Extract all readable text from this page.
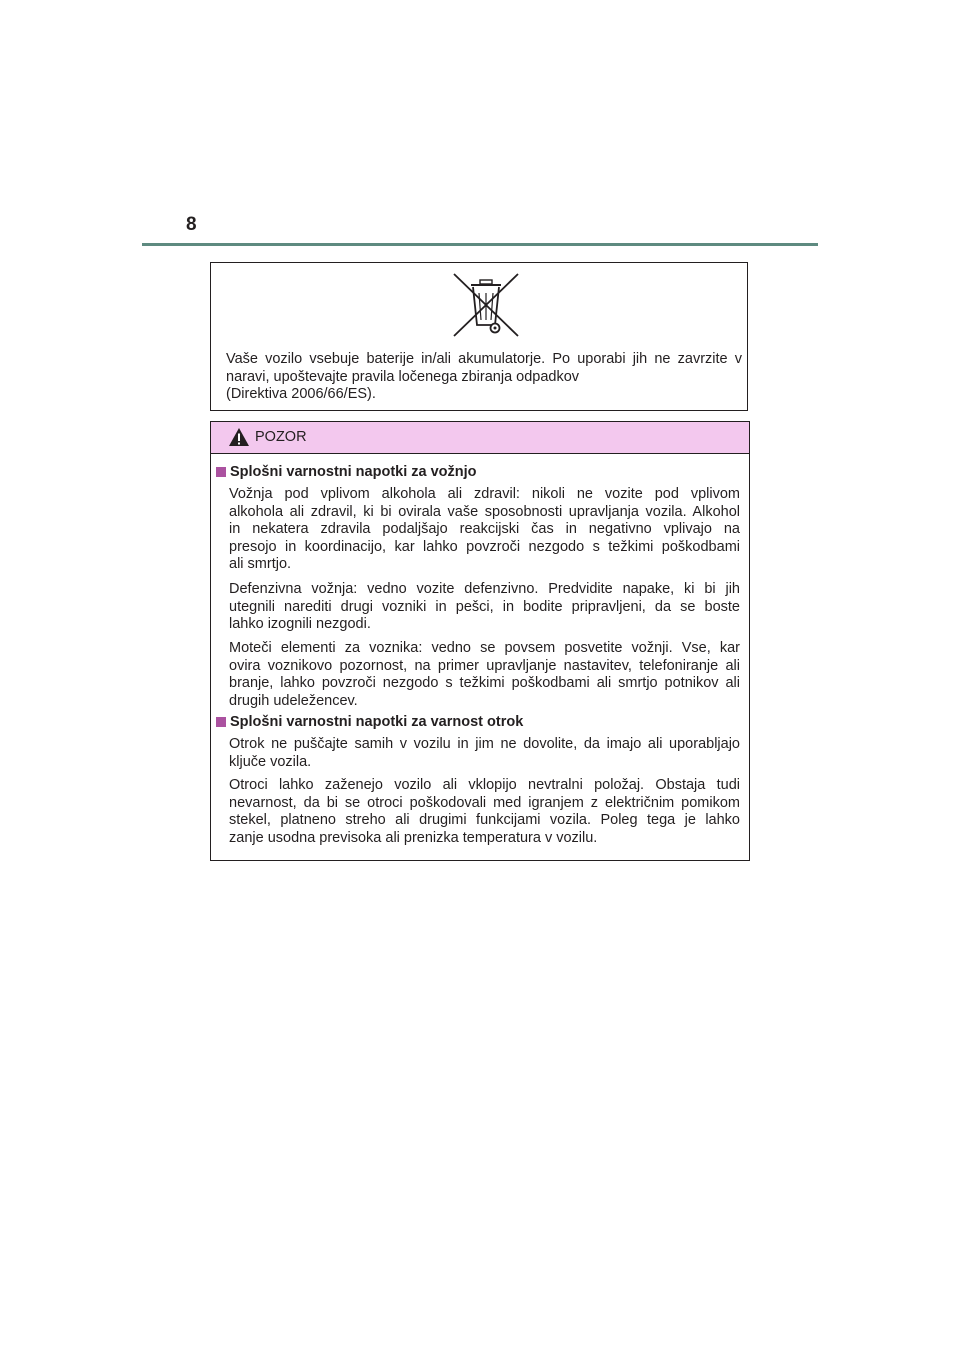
8

Vaše vozilo vsebuje baterije in/ali akumulatorje. Po uporabi jih ne zavrzite v
naravi, upoštevajte pravila ločenega zbiranja odpadkov
(Direktiva 2006/66/ES).

POZOR
Splošni varnostni napotki za vožnjo

Vožnja pod vplivom alkohola ali zdravil: nikoli ne vozite pod vplivom
alkohola ali zdravil, ki bi ovirala vaše sposobnosti upravljanja vozila. Alkohol
in nekatera zdravila podaljšajo reakcijski čas in negativno vplivajo na
presojo in koordinacijo, kar lahko povzroči nezgodo s težkimi poškodbami
ali smrtjo.

Defenzivna vožnja: vedno vozite defenzivno. Predvidite napake, ki bi jih
utegnili narediti drugi vozniki in pešci, in bodite pripravljeni, da se boste
lahko izognili nezgodi.

Moteči elementi za voznika: vedno se povsem posvetite vožnji. Vse, kar
ovira voznikovo pozornost, na primer upravljanje nastavitev, telefoniranje ali
branje, lahko povzroči nezgodo s težkimi poškodbami ali smrtjo potnikov ali
drugih udeležencev.

Splošni varnostni napotki za varnost otrok

Otrok ne puščajte samih v vozilu in jim ne dovolite, da imajo ali uporabljajo
ključe vozila.

Otroci lahko zaženejo vozilo ali vklopijo nevtralni položaj. Obstaja tudi
nevarnost, da bi se otroci poškodovali med igranjem z električnim pomikom
stekel, platneno streho ali drugimi funkcijami vozila. Poleg tega je lahko
zanje usodna previsoka ali prenizka temperatura v vozilu.
